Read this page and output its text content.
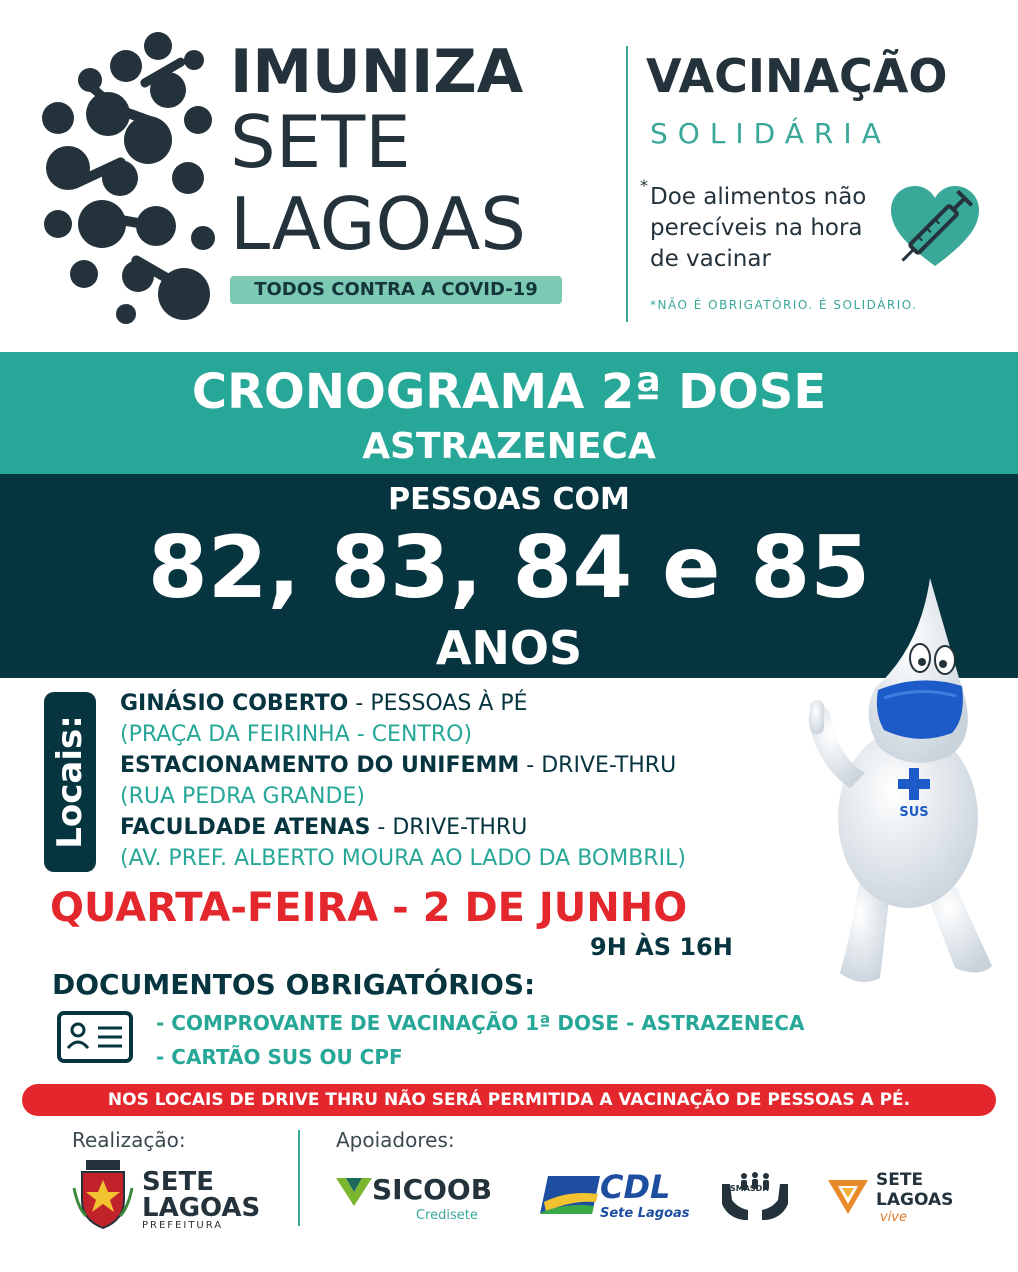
IMUNIZA
SETE
LAGOAS
TODOS CONTRA A COVID-19
VACINAÇÃO
SOLIDÁRIA
* Doe alimentos não perecíveis na hora de vacinar
*NÃO É OBRIGATÓRIO. É SOLIDÁRIO.
CRONOGRAMA 2ª DOSE
ASTRAZENECA
PESSOAS COM
82, 83, 84 e 85
ANOS
SUS
Locais:
GINÁSIO COBERTO - PESSOAS À PÉ
(PRAÇA DA FEIRINHA - CENTRO)
ESTACIONAMENTO DO UNIFEMM - DRIVE-THRU
(RUA PEDRA GRANDE)
FACULDADE ATENAS - DRIVE-THRU
(AV. PREF. ALBERTO MOURA AO LADO DA BOMBRIL)
QUARTA-FEIRA - 2 DE JUNHO
9H ÀS 16H
DOCUMENTOS OBRIGATÓRIOS:
- COMPROVANTE DE VACINAÇÃO 1ª DOSE - ASTRAZENECA
- CARTÃO SUS OU CPF
NOS LOCAIS DE DRIVE THRU NÃO SERÁ PERMITIDA A VACINAÇÃO DE PESSOAS A PÉ.
Realização:	Apoiadores:
SETE
LAGOAS
PREFEITURA
SICOOB
Credisete
CDL
Sete Lagoas
SMASDH	SETE
LAGOAS
vive
